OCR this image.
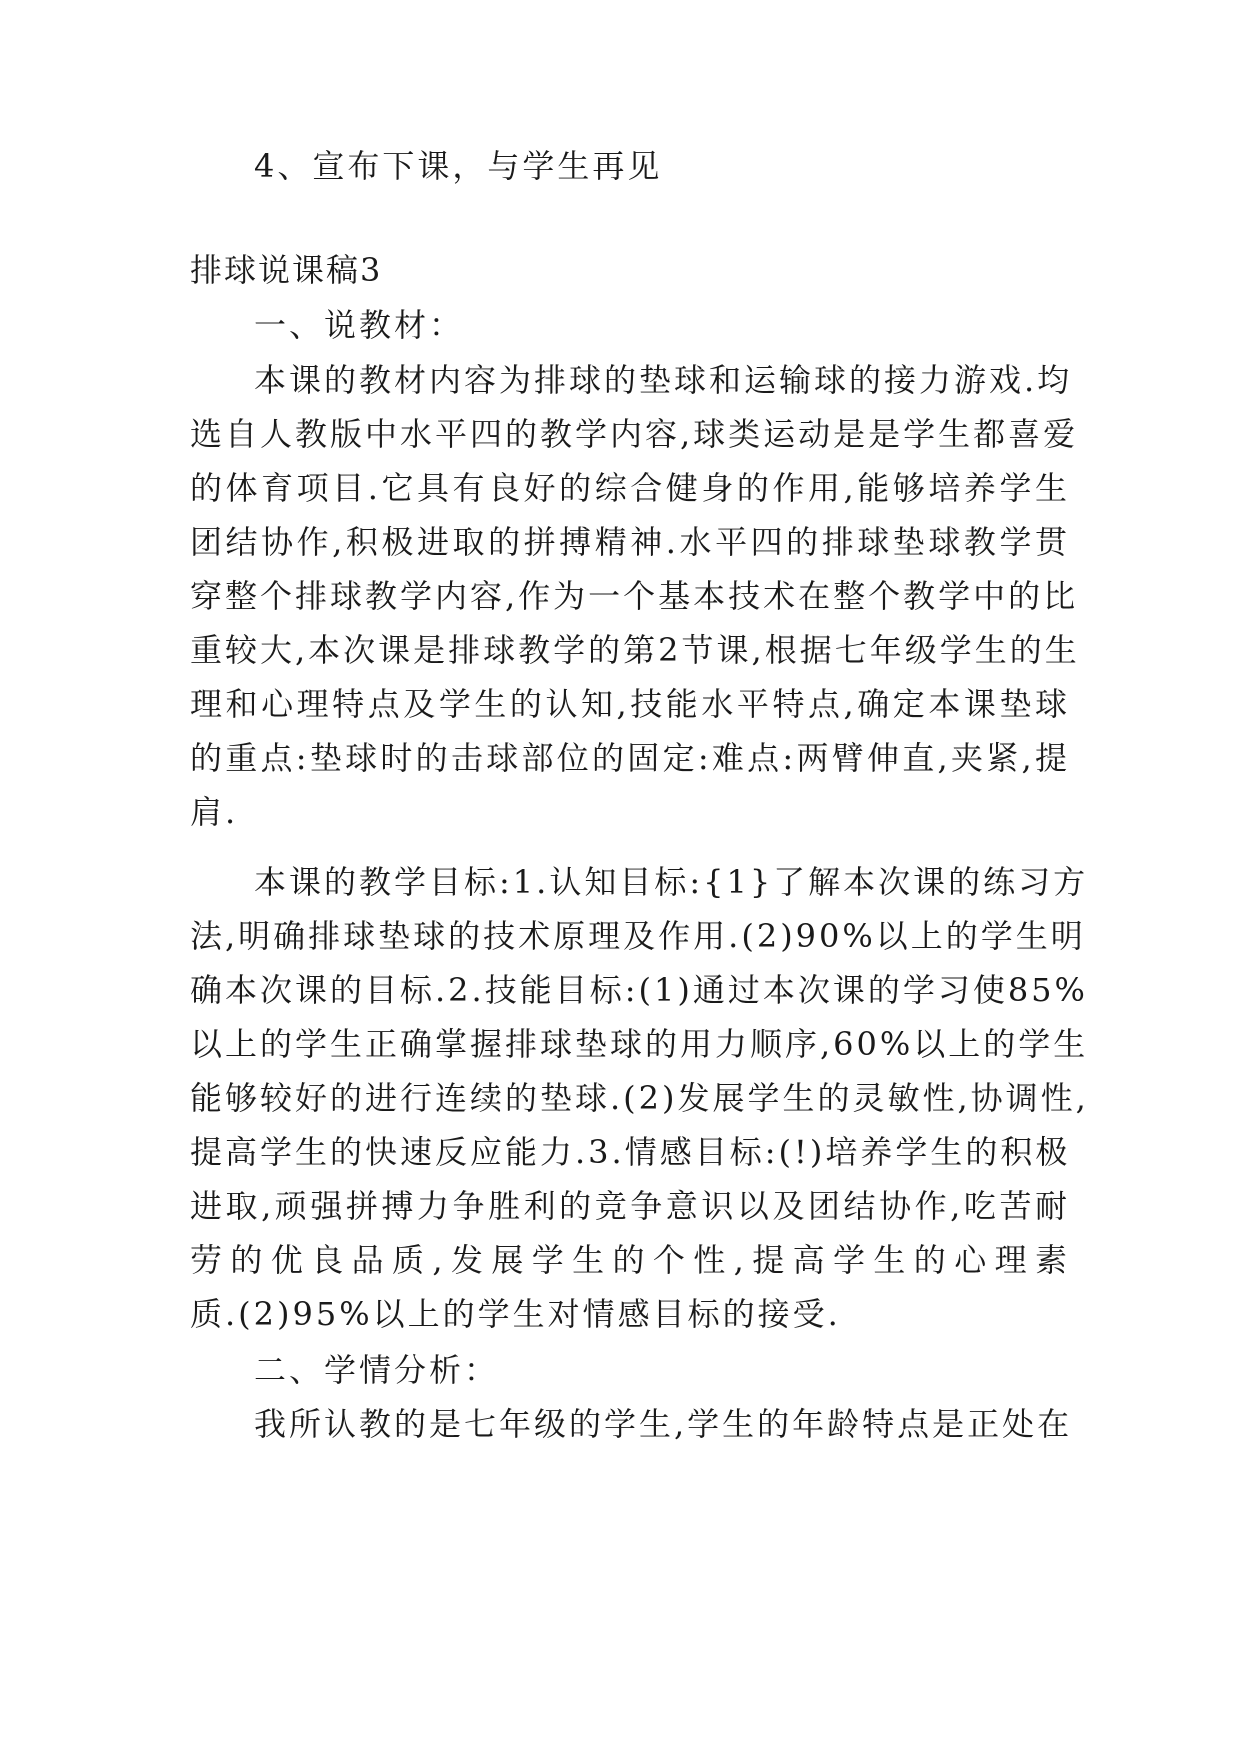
4、宣布下课，与学生再见
排球说课稿3
一、说教材：
本课的教材内容为排球的垫球和运输球的接力游戏.均
选自人教版中水平四的教学内容,球类运动是是学生都喜爱
的体育项目.它具有良好的综合健身的作用,能够培养学生
团结协作,积极进取的拼搏精神.水平四的排球垫球教学贯
穿整个排球教学内容,作为一个基本技术在整个教学中的比
重较大,本次课是排球教学的第2节课,根据七年级学生的生
理和心理特点及学生的认知,技能水平特点,确定本课垫球
的重点:垫球时的击球部位的固定:难点:两臂伸直,夹紧,提
肩.
本课的教学目标:1.认知目标:{1}了解本次课的练习方
法,明确排球垫球的技术原理及作用.(2)90%以上的学生明
确本次课的目标.2.技能目标:(1)通过本次课的学习使85%
以上的学生正确掌握排球垫球的用力顺序,60%以上的学生
能够较好的进行连续的垫球.(2)发展学生的灵敏性,协调性,
提高学生的快速反应能力.3.情感目标:(!)培养学生的积极
进取,顽强拼搏力争胜利的竞争意识以及团结协作,吃苦耐
劳的优良品质,发展学生的个性,提高学生的心理素
质.(2)95%以上的学生对情感目标的接受.
二、学情分析：
我所认教的是七年级的学生,学生的年龄特点是正处在
